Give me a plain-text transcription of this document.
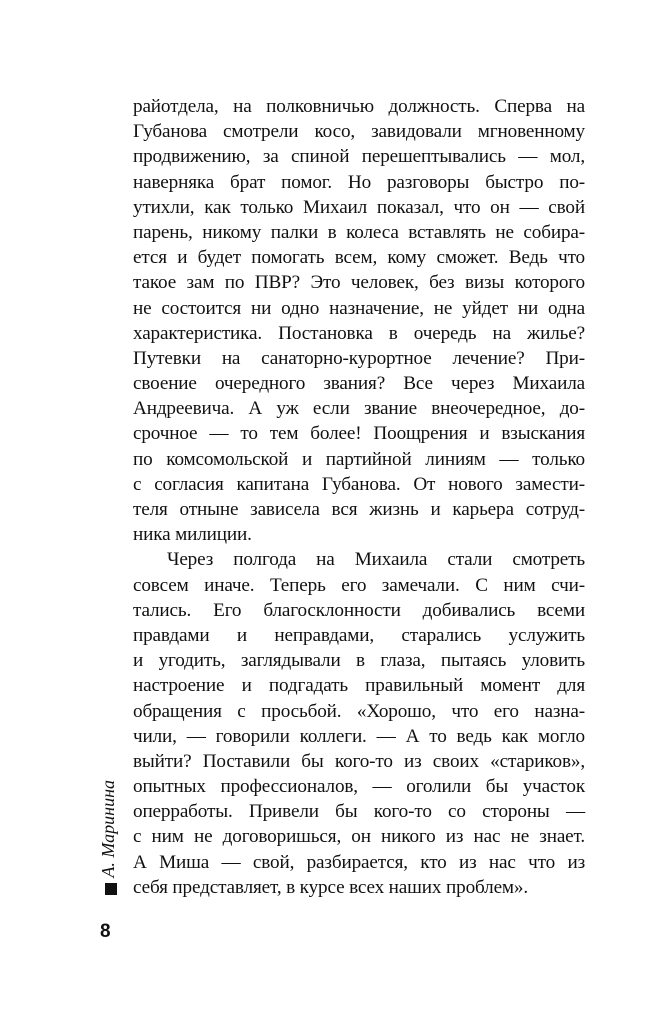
райотдела, на полковничью должность. Сперва на
Губанова смотрели косо, завидовали мгновенному
продвижению, за спиной перешептывались — мол,
наверняка брат помог. Но разговоры быстро по-
утихли, как только Михаил показал, что он — свой
парень, никому палки в колеса вставлять не собира-
ется и будет помогать всем, кому сможет. Ведь что
такое зам по ПВР? Это человек, без визы которого
не состоится ни одно назначение, не уйдет ни одна
характеристика. Постановка в очередь на жилье?
Путевки на санаторно-курортное лечение? При-
своение очередного звания? Все через Михаила
Андреевича. А уж если звание внеочередное, до-
срочное — то тем более! Поощрения и взыскания
по комсомольской и партийной линиям — только
с согласия капитана Губанова. От нового замести-
теля отныне зависела вся жизнь и карьера сотруд-
ника милиции.
Через полгода на Михаила стали смотреть
совсем иначе. Теперь его замечали. С ним счи-
тались. Его благосклонности добивались всеми
правдами и неправдами, старались услужить
и угодить, заглядывали в глаза, пытаясь уловить
настроение и подгадать правильный момент для
обращения с просьбой. «Хорошо, что его назна-
чили, — говорили коллеги. — А то ведь как могло
выйти? Поставили бы кого-то из своих «стариков»,
опытных профессионалов, — оголили бы участок
оперработы. Привели бы кого-то со стороны —
с ним не договоришься, он никого из нас не знает.
А Миша — свой, разбирается, кто из нас что из
себя представляет, в курсе всех наших проблем».
А. Маринина
8
